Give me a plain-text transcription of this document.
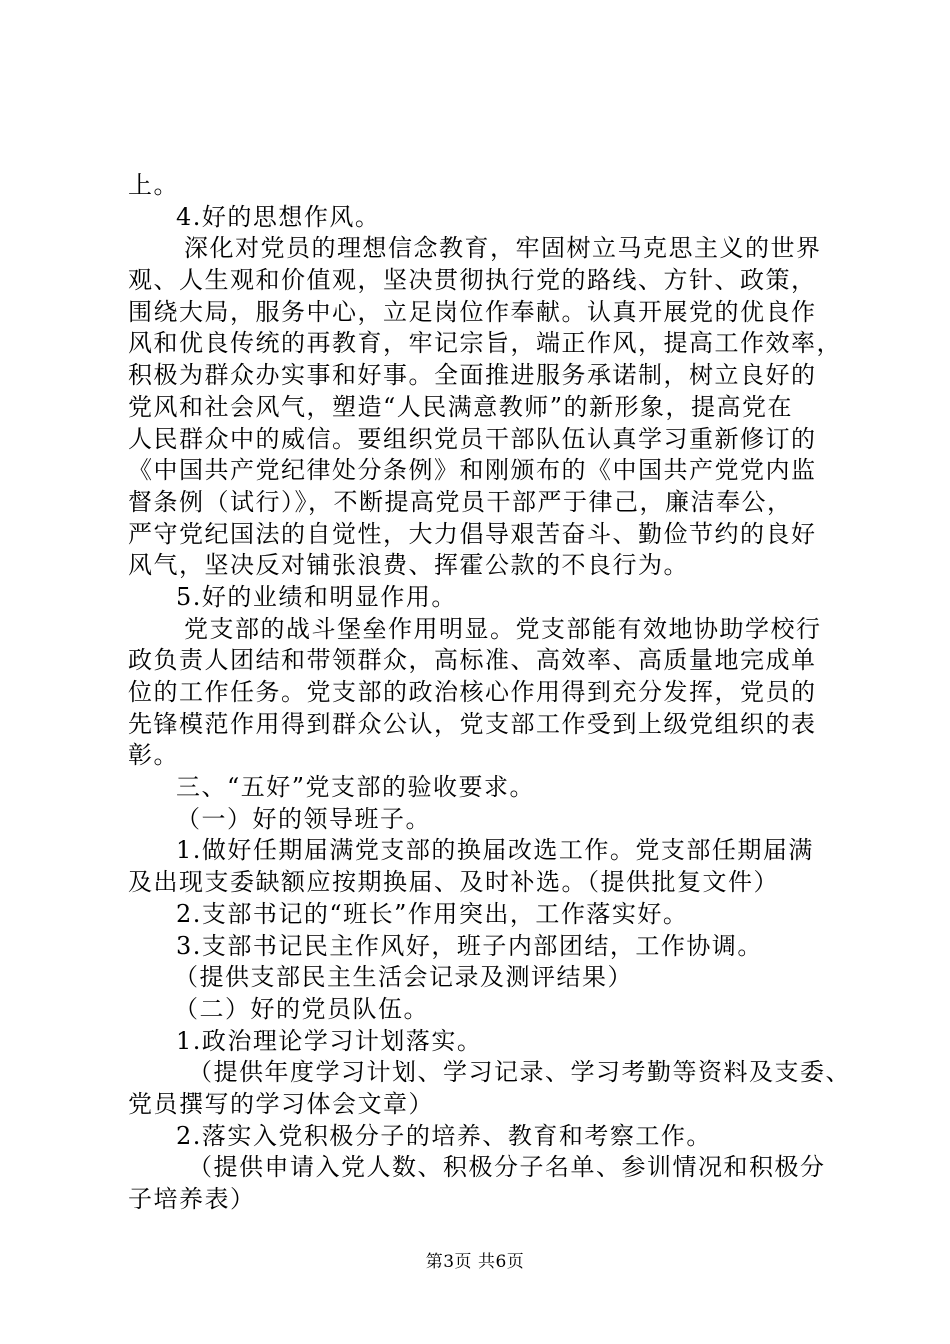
上。
4.好的思想作风。
深化对党员的理想信念教育，牢固树立马克思主义的世界
观、人生观和价值观，坚决贯彻执行党的路线、方针、政策，
围绕大局，服务中心，立足岗位作奉献。认真开展党的优良作
风和优良传统的再教育，牢记宗旨，端正作风，提高工作效率，
积极为群众办实事和好事。全面推进服务承诺制，树立良好的
党风和社会风气，塑造“人民满意教师”的新形象，提高党在
人民群众中的威信。要组织党员干部队伍认真学习重新修订的
《中国共产党纪律处分条例》和刚颁布的《中国共产党党内监
督条例（试行）》，不断提高党员干部严于律己，廉洁奉公，
严守党纪国法的自觉性，大力倡导艰苦奋斗、勤俭节约的良好
风气，坚决反对铺张浪费、挥霍公款的不良行为。
5.好的业绩和明显作用。
党支部的战斗堡垒作用明显。党支部能有效地协助学校行
政负责人团结和带领群众，高标准、高效率、高质量地完成单
位的工作任务。党支部的政治核心作用得到充分发挥，党员的
先锋模范作用得到群众公认，党支部工作受到上级党组织的表
彰。
三、“五好”党支部的验收要求。
（一）好的领导班子。
1.做好任期届满党支部的换届改选工作。党支部任期届满
及出现支委缺额应按期换届、及时补选。（提供批复文件）
2.支部书记的“班长”作用突出，工作落实好。
3.支部书记民主作风好，班子内部团结，工作协调。
（提供支部民主生活会记录及测评结果）
（二）好的党员队伍。
1.政治理论学习计划落实。
（提供年度学习计划、学习记录、学习考勤等资料及支委、
党员撰写的学习体会文章）
2.落实入党积极分子的培养、教育和考察工作。
（提供申请入党人数、积极分子名单、参训情况和积极分
子培养表）
第3页 共6页
